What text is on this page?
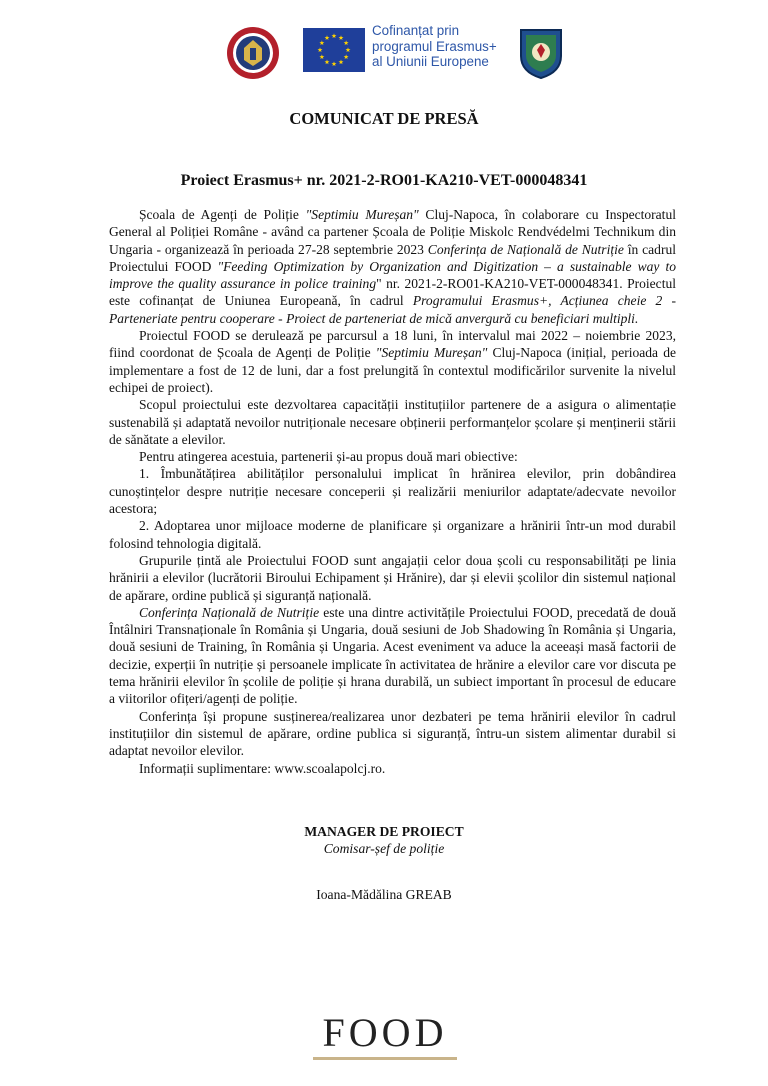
Cofinanțat prin
programul Erasmus+
al Uniunii Europene
COMUNICAT DE PRESĂ
Proiect Erasmus+ nr. 2021-2-RO01-KA210-VET-000048341

Școala de Agenți de Poliție "Septimiu Mureșan" Cluj-Napoca, în colaborare cu Inspectoratul General al Poliției Române - având ca partener Școala de Poliție Miskolc Rendvédelmi Technikum din Ungaria - organizează în perioada 27-28 septembrie 2023 Conferința de Națională de Nutriție în cadrul Proiectului FOOD "Feeding Optimization by Organization and Digitization – a sustainable way to improve the quality assurance in police training" nr. 2021-2-RO01-KA210-VET-000048341. Proiectul este cofinanțat de Uniunea Europeană, în cadrul Programului Erasmus+, Acțiunea cheie 2 - Parteneriate pentru cooperare - Proiect de parteneriat de mică anvergură cu beneficiari multipli.

Proiectul FOOD se derulează pe parcursul a 18 luni, în intervalul mai 2022 – noiembrie 2023, fiind coordonat de Școala de Agenți de Poliție "Septimiu Mureșan" Cluj-Napoca (inițial, perioada de implementare a fost de 12 de luni, dar a fost prelungită în contextul modificărilor survenite la nivelul echipei de proiect).

Scopul proiectului este dezvoltarea capacității instituțiilor partenere de a asigura o alimentație sustenabilă și adaptată nevoilor nutriționale necesare obținerii performanțelor școlare și menținerii stării de sănătate a elevilor.

Pentru atingerea acestuia, partenerii și-au propus două mari obiective:

1. Îmbunătățirea abilităților personalului implicat în hrănirea elevilor, prin dobândirea cunoștințelor despre nutriție necesare conceperii și realizării meniurilor adaptate/adecvate nevoilor acestora;

2. Adoptarea unor mijloace moderne de planificare și organizare a hrănirii într-un mod durabil folosind tehnologia digitală.

Grupurile țintă ale Proiectului FOOD sunt angajații celor doua școli cu responsabilități pe linia hrănirii a elevilor (lucrătorii Biroului Echipament și Hrănire), dar și elevii școlilor din sistemul național de apărare, ordine publică și siguranță națională.

Conferința Națională de Nutriție este una dintre activitățile Proiectului FOOD, precedată de două Întâlniri Transnaționale în România și Ungaria, două sesiuni de Job Shadowing în România și Ungaria, două sesiuni de Training, în România și Ungaria. Acest eveniment va aduce la aceeași masă factorii de decizie, experții în nutriție și persoanele implicate în activitatea de hrănire a elevilor care vor discuta pe tema hrănirii elevilor în școlile de poliție și hrana durabilă, un subiect important în procesul de educare a viitorilor ofițeri/agenți de poliție.

Conferința își propune susținerea/realizarea unor dezbateri pe tema hrănirii elevilor în cadrul instituțiilor din sistemul de apărare, ordine publica si siguranță, întru-un sistem alimentar durabil si adaptat nevoilor elevilor.

Informații suplimentare: www.scoalapolcj.ro.

MANAGER DE PROIECT
Comisar-șef de poliție
Ioana-Mădălina GREAB
FOOD
